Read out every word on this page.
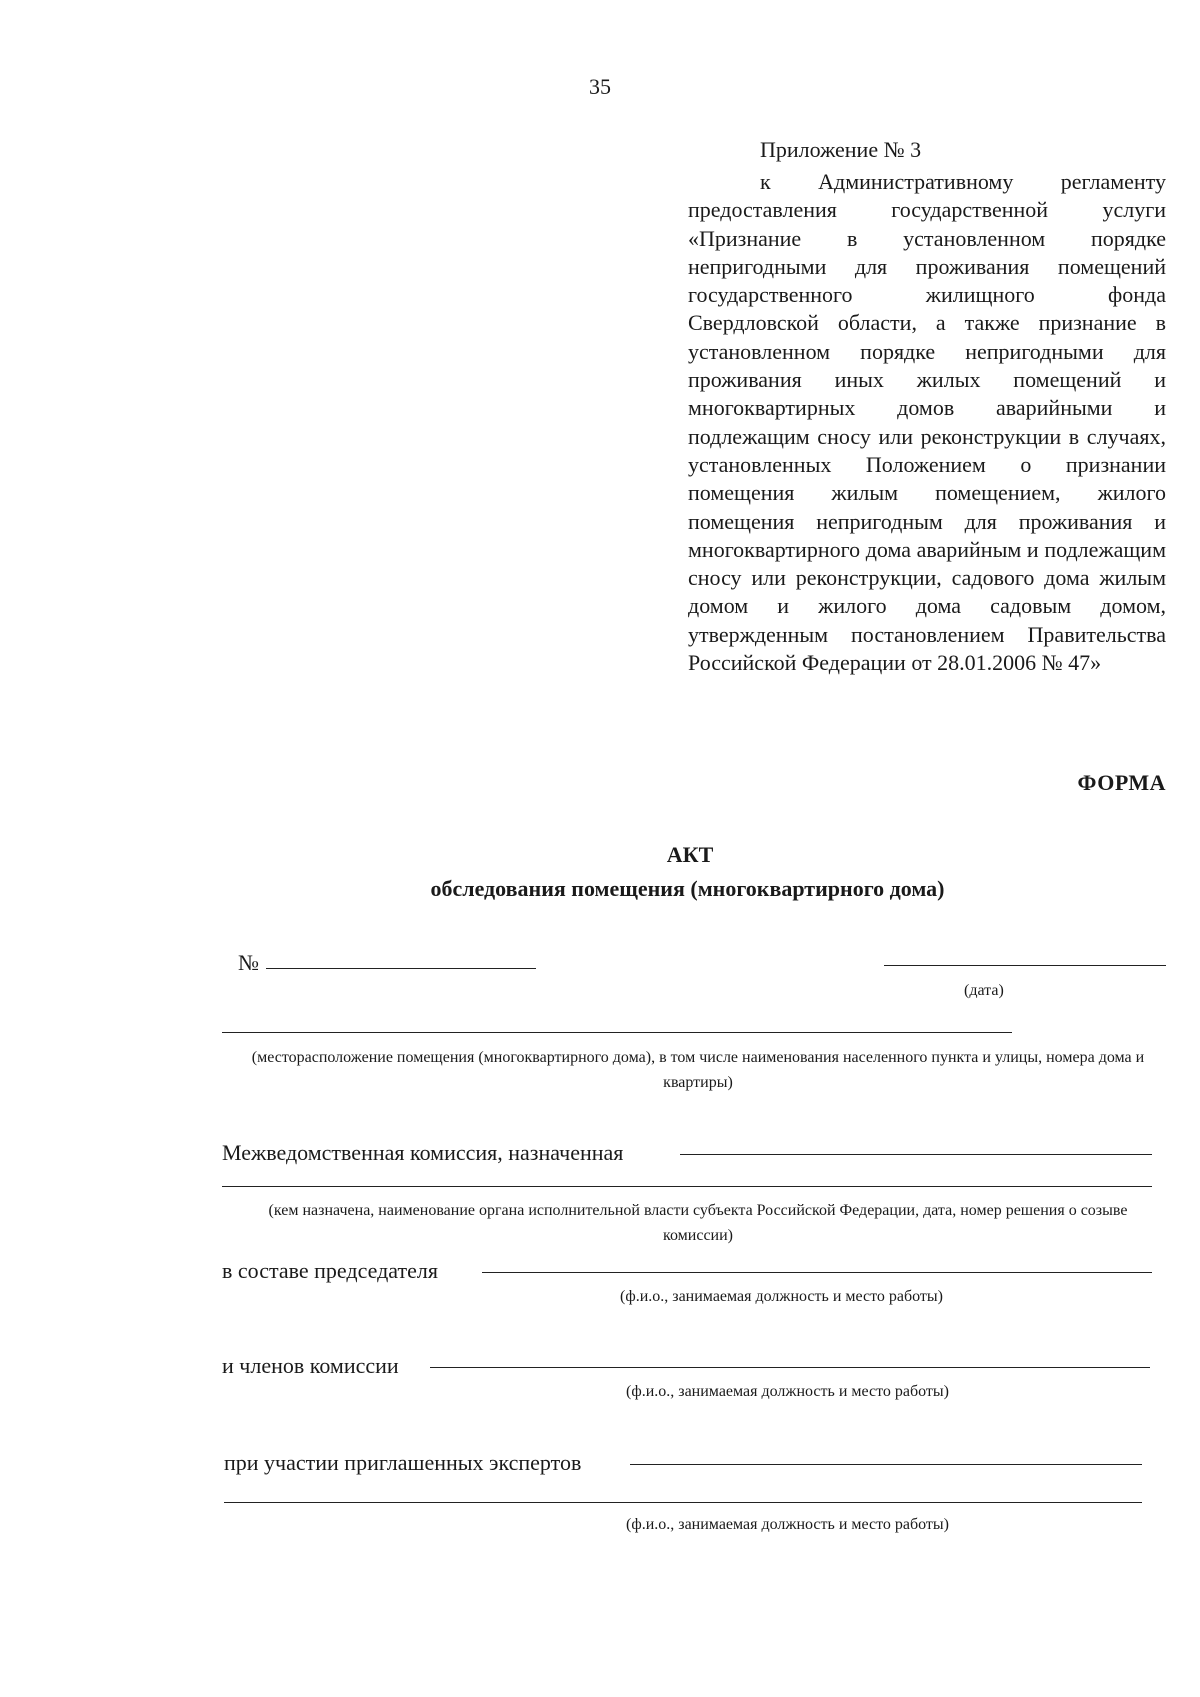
35
Приложение № 3
к Административному регламенту предоставления государственной услуги «Признание в установленном порядке непригодными для проживания помещений государственного жилищного фонда Свердловской области, а также признание в установленном порядке непригодными для проживания иных жилых помещений и многоквартирных домов аварийными и подлежащим сносу или реконструкции в случаях, установленных Положением о признании помещения жилым помещением, жилого помещения непригодным для проживания и многоквартирного дома аварийным и подлежащим сносу или реконструкции, садового дома жилым домом и жилого дома садовым домом, утвержденным постановлением Правительства Российской Федерации от 28.01.2006 № 47»
ФОРМА
АКТ
обследования помещения (многоквартирного дома)
№
(дата)
(месторасположение помещения (многоквартирного дома), в том числе наименования населенного пункта и улицы, номера дома и квартиры)
Межведомственная комиссия, назначенная
(кем назначена, наименование органа исполнительной власти субъекта Российской Федерации, дата, номер решения о созыве комиссии)
в составе председателя
(ф.и.о., занимаемая должность и место работы)
и членов комиссии
(ф.и.о., занимаемая должность и место работы)
при участии приглашенных экспертов
(ф.и.о., занимаемая должность и место работы)
